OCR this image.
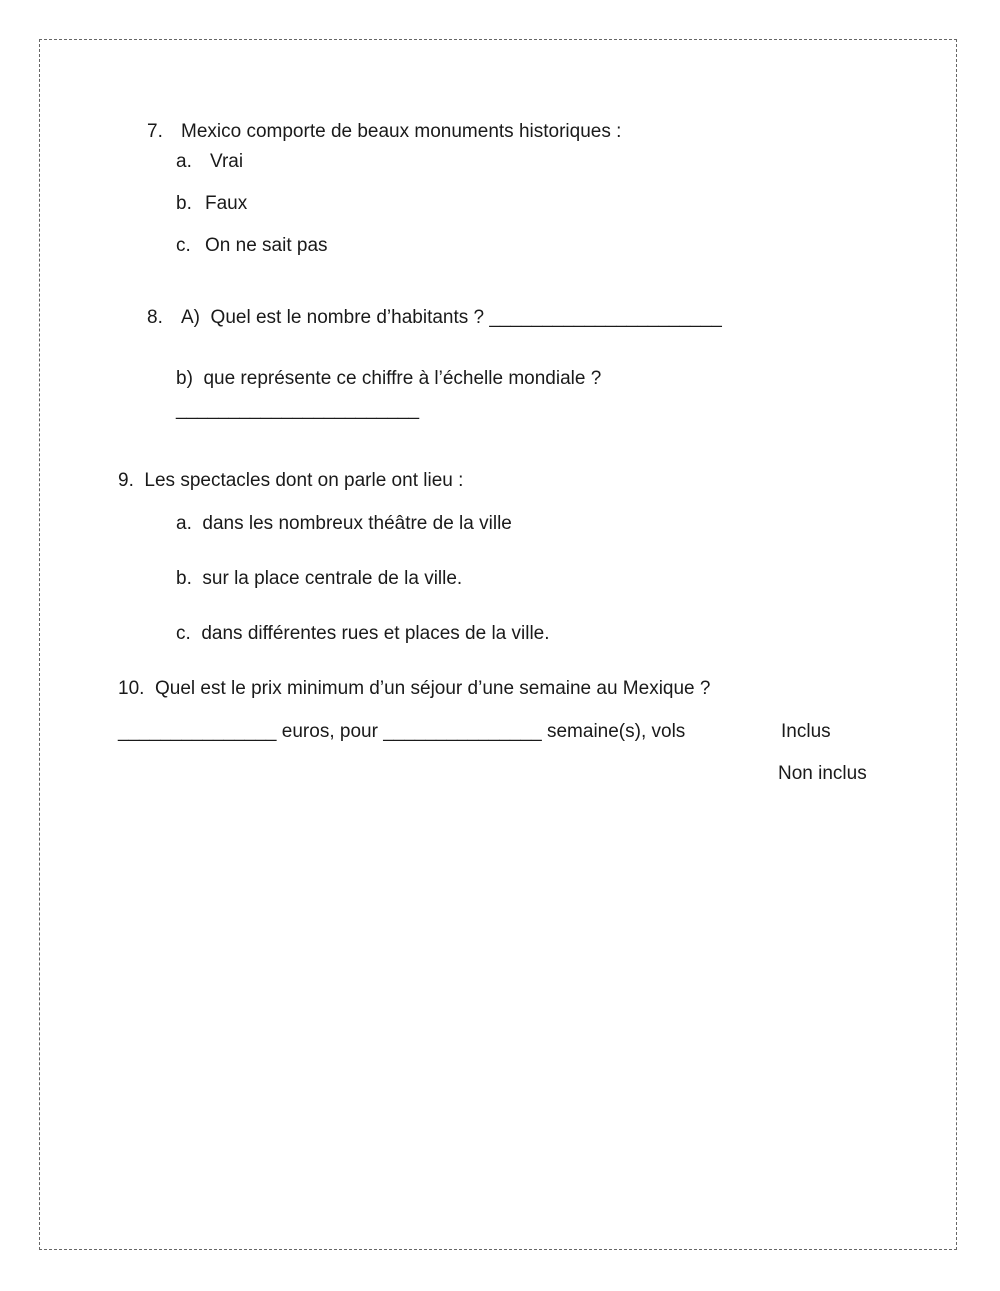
7. Mexico comporte de beaux monuments historiques :
a. Vrai
b. Faux
c. On ne sait pas
8. A)  Quel est le nombre d’habitants ? ______________________
b)  que représente ce chiffre à l’échelle mondiale ?
_______________________
9.  Les spectacles dont on parle ont lieu :
a.  dans les nombreux théâtre de la ville
b.  sur la place centrale de la ville.
c.  dans différentes rues et places de la ville.
10.  Quel est le prix minimum d’un séjour d’une semaine au Mexique ?
_______________ euros, pour _______________ semaine(s), vols	Inclus
Non inclus
